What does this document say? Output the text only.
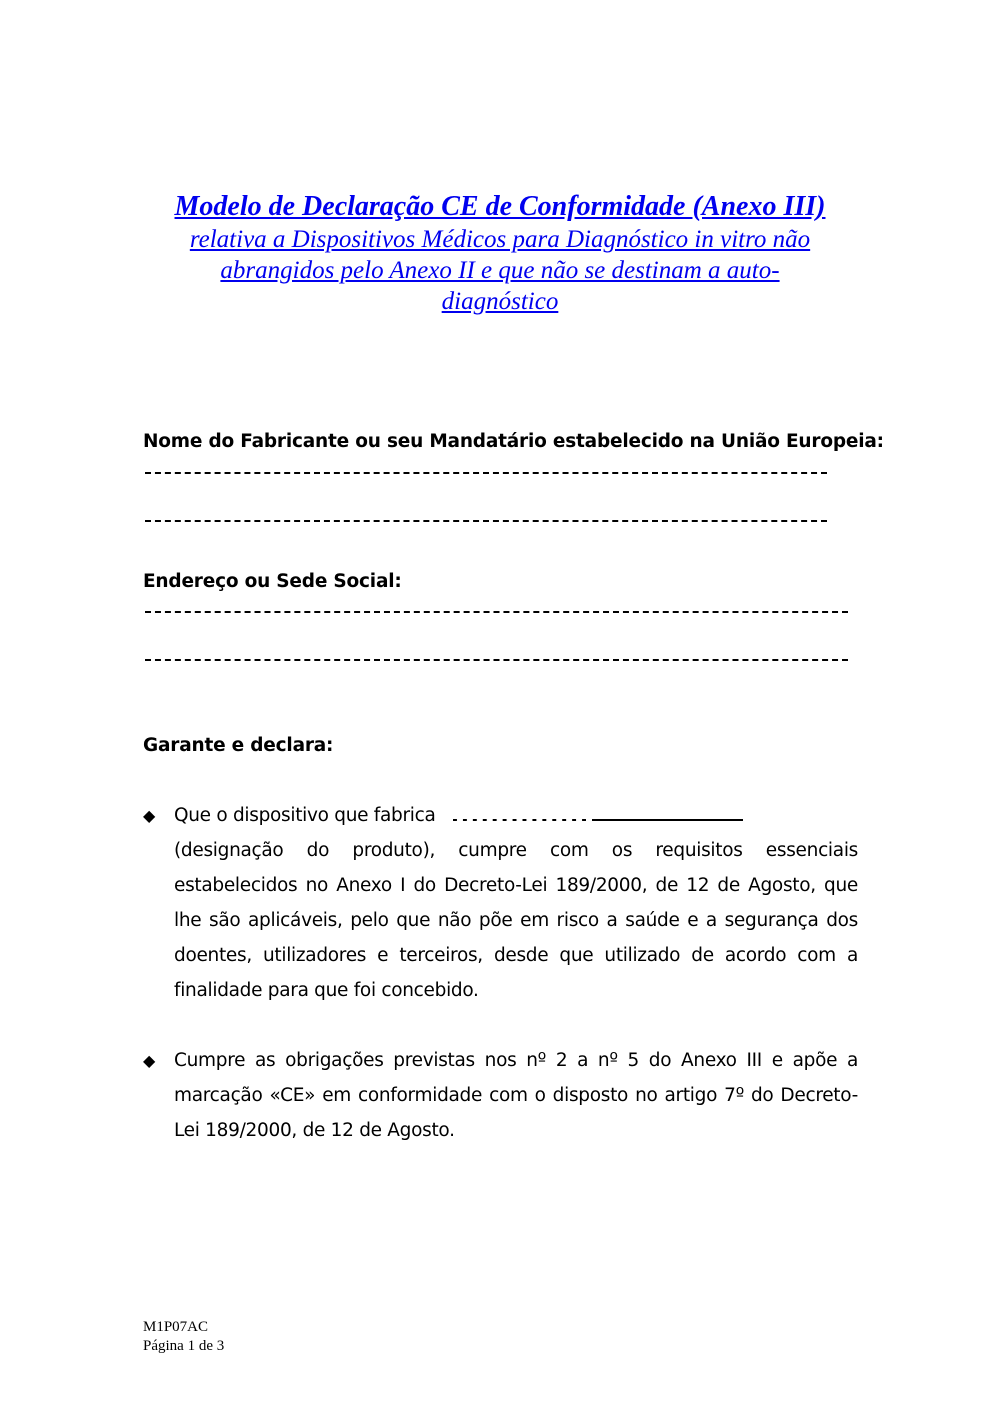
Modelo de Declaração CE de Conformidade (Anexo III)

relativa a Dispositivos Médicos para Diagnóstico in vitro não

abrangidos pelo Anexo II e que não se destinam a auto-

diagnóstico

Nome do Fabricante ou seu Mandatário estabelecido na União Europeia:
Endereço ou Sede Social:
Garante e declara:
◆ Que o dispositivo que fabrica

(designação do produto), cumpre com os requisitos essenciais estabelecidos no Anexo I do Decreto-Lei 189/2000, de 12 de Agosto, que lhe são aplicáveis, pelo que não põe em risco a saúde e a segurança dos doentes, utilizadores e terceiros, desde que utilizado de acordo com a finalidade para que foi concebido.

◆ Cumpre as obrigações previstas nos nº 2 a nº 5 do Anexo III e apõe a marcação «CE» em conformidade com o disposto no artigo 7º do Decreto-Lei 189/2000, de 12 de Agosto.

M1P07AC
Página 1 de 3
